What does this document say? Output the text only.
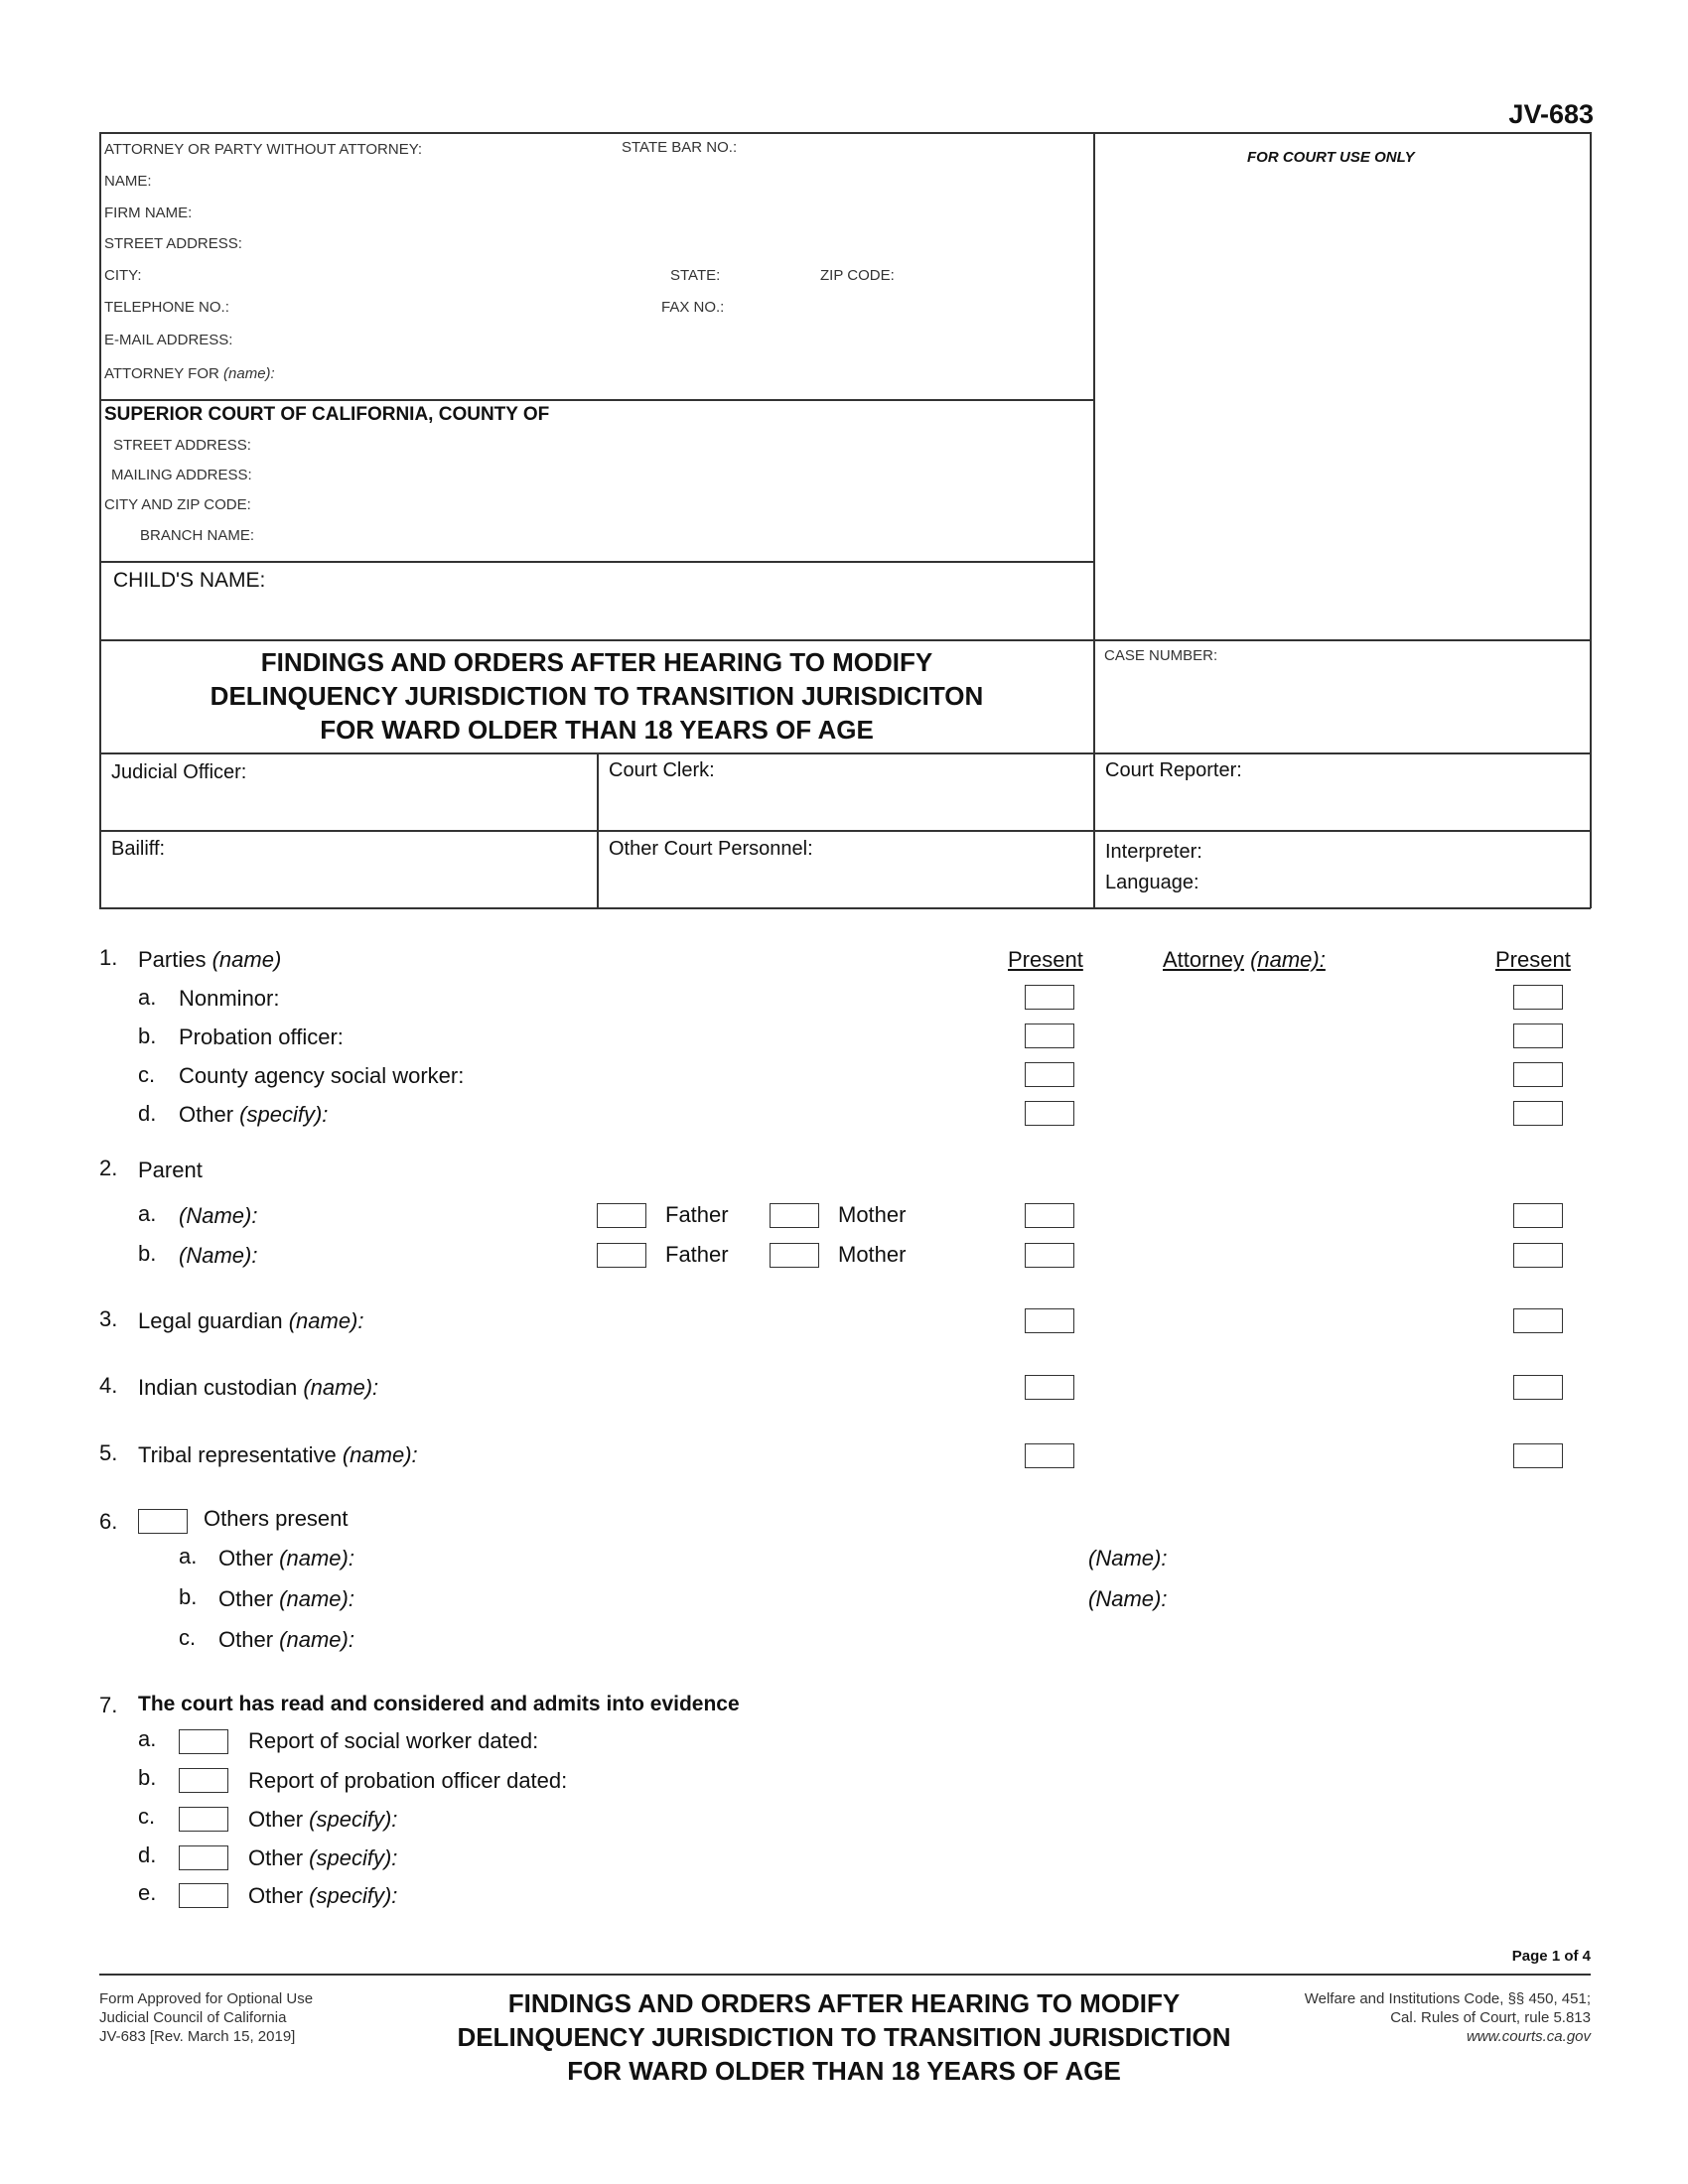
JV-683
ATTORNEY OR PARTY WITHOUT ATTORNEY:	STATE BAR NO.:
NAME:
FIRM NAME:
STREET ADDRESS:
CITY:	STATE:	ZIP CODE:
TELEPHONE NO.:	FAX NO.:
E-MAIL ADDRESS:
ATTORNEY FOR (name):
FOR COURT USE ONLY
SUPERIOR COURT OF CALIFORNIA, COUNTY OF
STREET ADDRESS:
MAILING ADDRESS:
CITY AND ZIP CODE:
BRANCH NAME:
CHILD'S NAME:
CASE NUMBER:
FINDINGS AND ORDERS AFTER HEARING TO MODIFY
DELINQUENCY JURISDICTION TO TRANSITION JURISDICITON
FOR WARD OLDER THAN 18 YEARS OF AGE
Judicial Officer:	Court Clerk:	Court Reporter:
Bailiff:	Other Court Personnel:	Interpreter:
Language:
1. Parties (name)	Present	Attorney (name):	Present
a. Nonminor:
b. Probation officer:
c. County agency social worker:
d. Other (specify):
2. Parent
a. (Name):	Father	Mother
b. (Name):	Father	Mother
3. Legal guardian (name):
4. Indian custodian (name):
5. Tribal representative (name):
6.	Others present
a. Other (name):	(Name):
b. Other (name):	(Name):
c. Other (name):
7. The court has read and considered and admits into evidence
a.	Report of social worker dated:
b.	Report of probation officer dated:
c.	Other (specify):
d.	Other (specify):
e.	Other (specify):
Page 1 of 4
Form Approved for Optional Use
Judicial Council of California
JV-683 [Rev. March 15, 2019]
FINDINGS AND ORDERS AFTER HEARING TO MODIFY
DELINQUENCY JURISDICTION TO TRANSITION JURISDICTION
FOR WARD OLDER THAN 18 YEARS OF AGE
Welfare and Institutions Code, §§ 450, 451;
Cal. Rules of Court, rule 5.813
www.courts.ca.gov
